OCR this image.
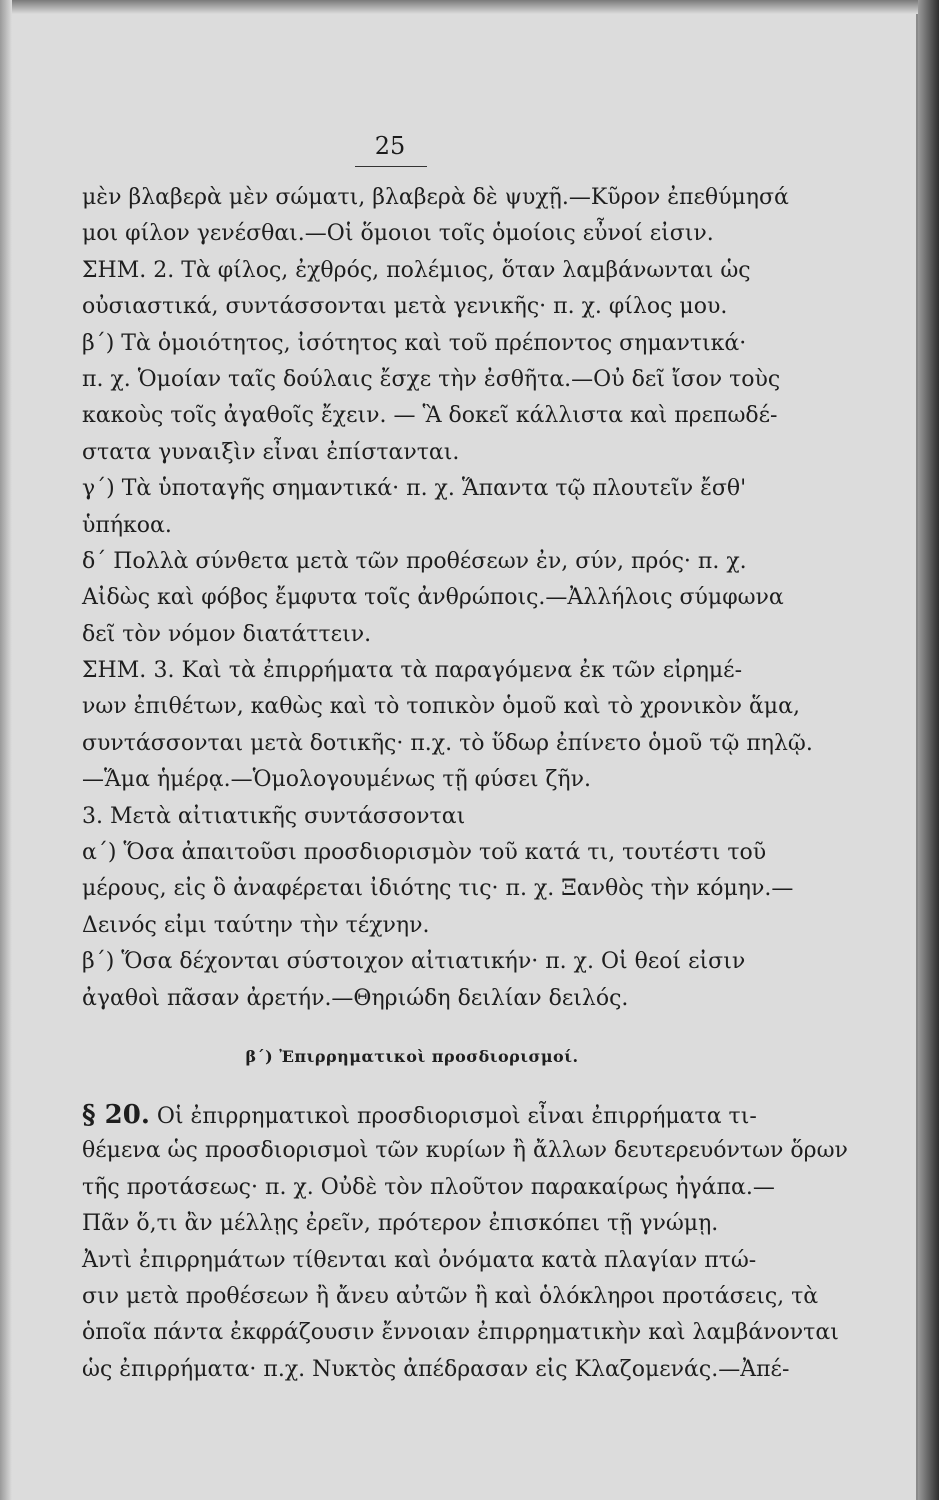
25
μὲν βλαβερὰ μὲν σώματι, βλαβερὰ δὲ ψυχῇ.—Κῦρον ἐπεθύμησά
μοι φίλον γενέσθαι.—Οἱ ὅμοιοι τοῖς ὁμοίοις εὖνοί εἰσιν.
ΣΗΜ. 2. Τὰ φίλος, ἐχθρός, πολέμιος, ὅταν λαμβάνωνται ὡς
οὐσιαστικά, συντάσσονται μετὰ γενικῆς· π. χ. φίλος μου.
β΄) Τὰ ὁμοιότητος, ἰσότητος καὶ τοῦ πρέποντος σημαντικά·
π. χ. Ὁμοίαν ταῖς δούλαις ἔσχε τὴν ἐσθῆτα.—Οὐ δεῖ ἴσον τοὺς
κακοὺς τοῖς ἀγαθοῖς ἔχειν. — Ἃ δοκεῖ κάλλιστα καὶ πρεπωδέ-
στατα γυναιξὶν εἶναι ἐπίστανται.
γ΄) Τὰ ὑποταγῆς σημαντικά· π. χ. Ἅπαντα τῷ πλουτεῖν ἔσθ'
ὑπήκοα.
δ΄ Πολλὰ σύνθετα μετὰ τῶν προθέσεων ἐν, σύν, πρός· π. χ.
Αἰδὼς καὶ φόβος ἔμφυτα τοῖς ἀνθρώποις.—Ἀλλήλοις σύμφωνα
δεῖ τὸν νόμον διατάττειν.
ΣΗΜ. 3. Καὶ τὰ ἐπιρρήματα τὰ παραγόμενα ἐκ τῶν εἰρημέ-
νων ἐπιθέτων, καθὼς καὶ τὸ τοπικὸν ὁμοῦ καὶ τὸ χρονικὸν ἅμα,
συντάσσονται μετὰ δοτικῆς· π.χ. τὸ ὕδωρ ἐπίνετο ὁμοῦ τῷ πηλῷ.
—Ἅμα ἡμέρᾳ.—Ὁμολογουμένως τῇ φύσει ζῆν.
3. Μετὰ αἰτιατικῆς συντάσσονται
α΄) Ὅσα ἀπαιτοῦσι προσδιορισμὸν τοῦ κατά τι, τουτέστι τοῦ
μέρους, εἰς ὃ ἀναφέρεται ἰδιότης τις· π. χ. Ξανθὸς τὴν κόμην.—
Δεινός εἰμι ταύτην τὴν τέχνην.
β΄) Ὅσα δέχονται σύστοιχον αἰτιατικήν· π. χ. Οἱ θεοί εἰσιν
ἀγαθοὶ πᾶσαν ἀρετήν.—Θηριώδη δειλίαν δειλός.
β΄) Ἐπιρρηματικοὶ προσδιορισμοί.
§ 20. Οἱ ἐπιρρηματικοὶ προσδιορισμοὶ εἶναι ἐπιρρήματα τι-
θέμενα ὡς προσδιορισμοὶ τῶν κυρίων ἢ ἄλλων δευτερευόντων ὅρων
τῆς προτάσεως· π. χ. Οὐδὲ τὸν πλοῦτον παρακαίρως ἠγάπα.—
Πᾶν ὅ,τι ἂν μέλλῃς ἐρεῖν, πρότερον ἐπισκόπει τῇ γνώμῃ.
Ἀντὶ ἐπιρρημάτων τίθενται καὶ ὀνόματα κατὰ πλαγίαν πτώ-
σιν μετὰ προθέσεων ἢ ἄνευ αὐτῶν ἢ καὶ ὁλόκληροι προτάσεις, τὰ
ὁποῖα πάντα ἐκφράζουσιν ἔννοιαν ἐπιρρηματικὴν καὶ λαμβάνονται
ὡς ἐπιρρήματα· π.χ. Νυκτὸς ἀπέδρασαν εἰς Κλαζομενάς.—Ἀπέ-
